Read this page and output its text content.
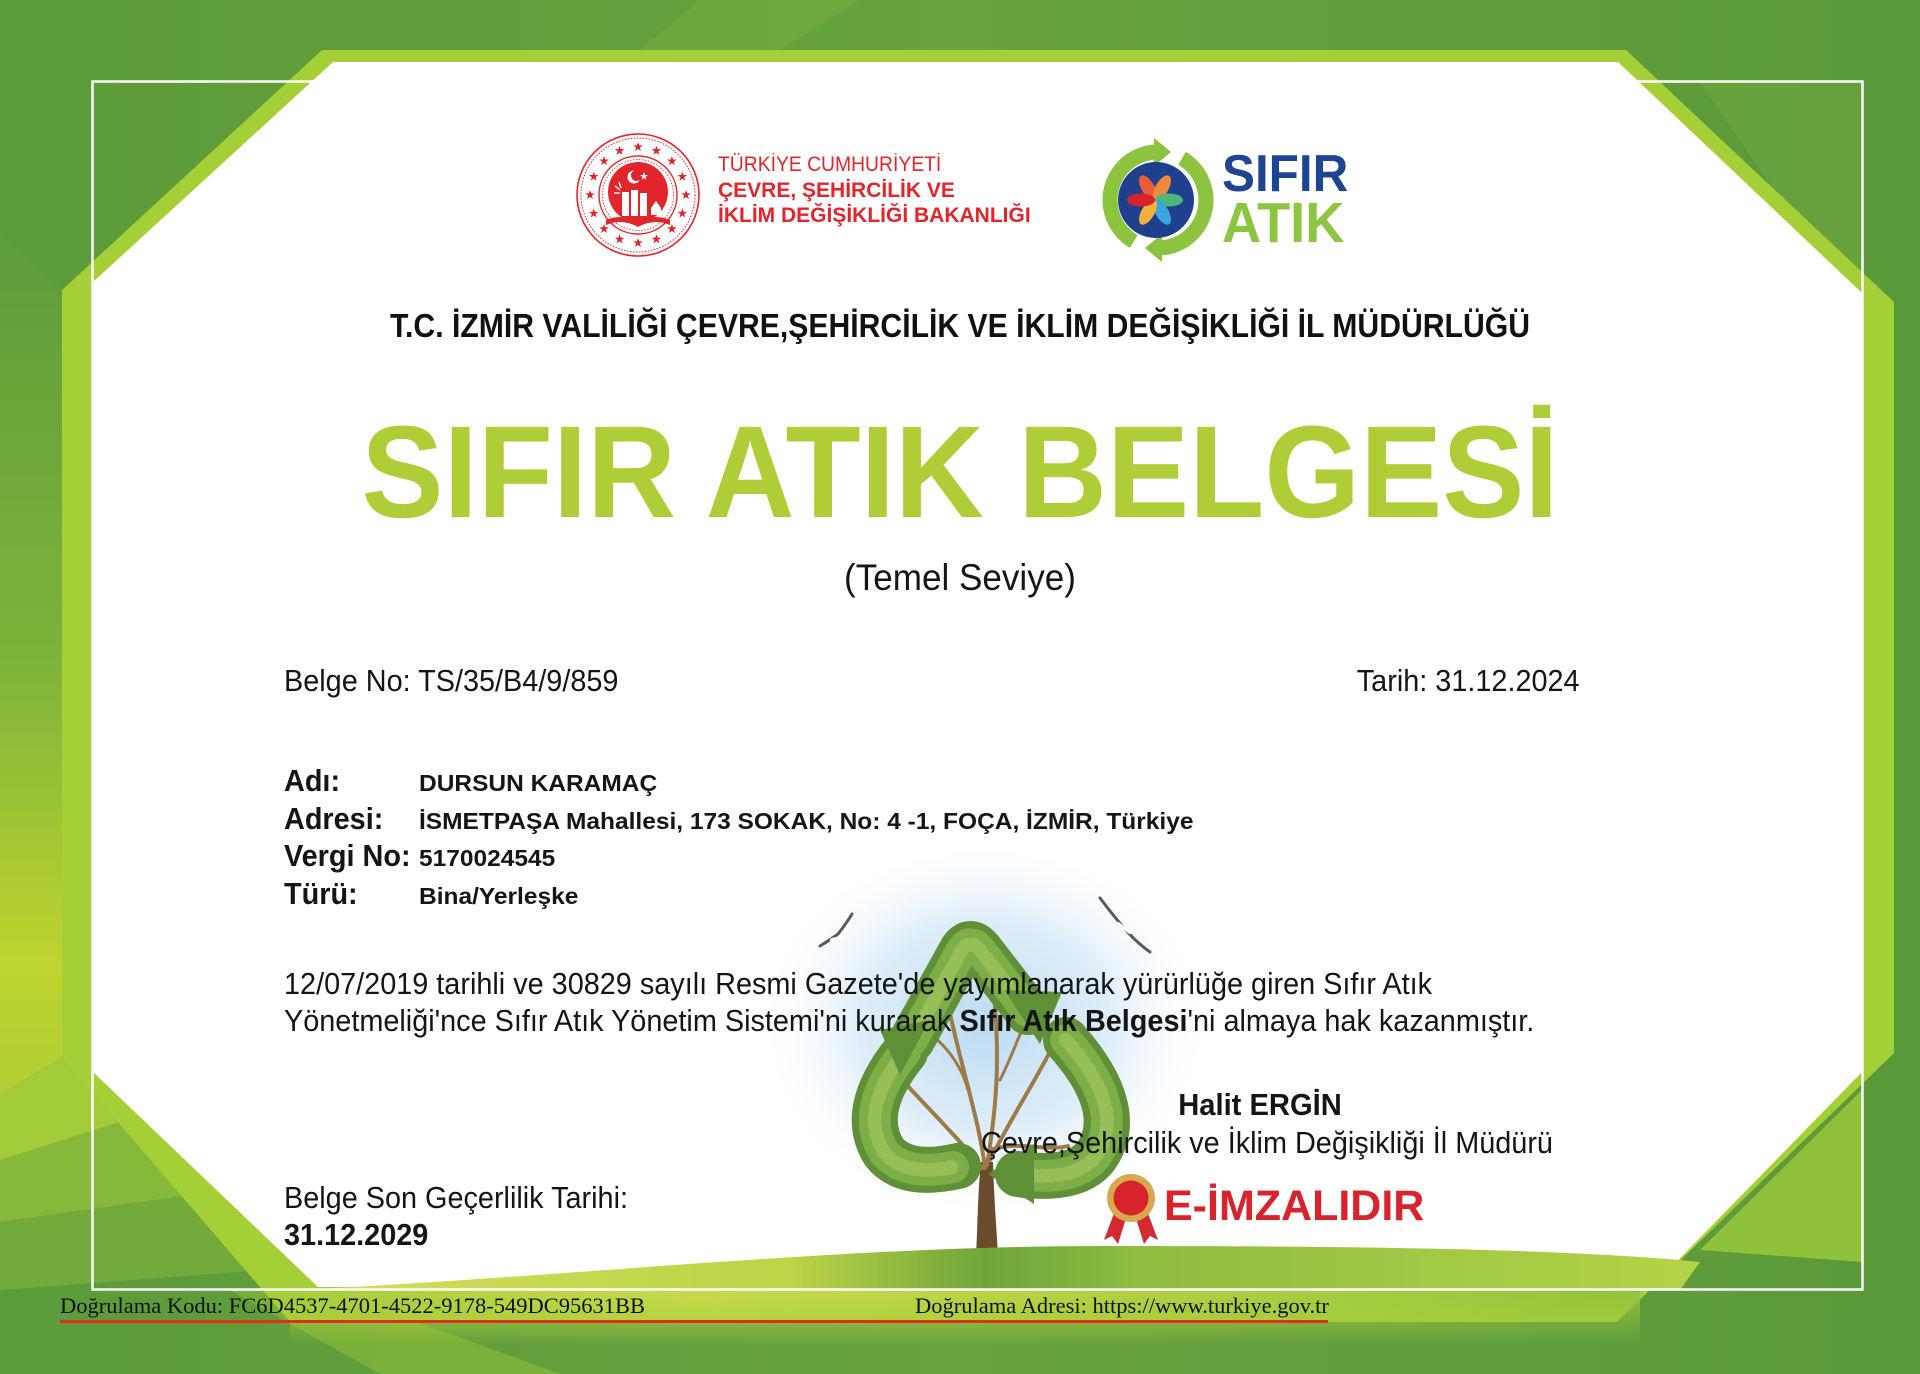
TÜRKİYE CUMHURİYETİ
ÇEVRE, ŞEHİRCİLİK VE
İKLİM DEĞİŞİKLİĞİ BAKANLIĞI
SIFIR
ATIK
T.C. İZMİR VALİLİĞİ ÇEVRE,ŞEHİRCİLİK VE İKLİM DEĞİŞİKLİĞİ İL MÜDÜRLÜĞÜ
SIFIR ATIK BELGESİ
(Temel Seviye)
Belge No: TS/35/B4/9/859	Tarih: 31.12.2024
Adı:	DURSUN KARAMAÇ
Adresi: İSMETPAŞA Mahallesi, 173 SOKAK, No: 4 -1, FOÇA, İZMİR, Türkiye
Vergi No: 5170024545
Türü:	Bina/Yerleşke
12/07/2019 tarihli ve 30829 sayılı Resmi Gazete'de yayımlanarak yürürlüğe giren Sıfır Atık
Yönetmeliği'nce Sıfır Atık Yönetim Sistemi'ni kurarak Sıfır Atık Belgesi'ni almaya hak kazanmıştır.
Halit ERGİN
Çevre,Şehircilik ve İklim Değişikliği İl Müdürü
E-İMZALIDIR
Belge Son Geçerlilik Tarihi:
31.12.2029
Doğrulama Kodu: FC6D4537-4701-4522-9178-549DC95631BB	Doğrulama Adresi: https://www.turkiye.gov.tr
